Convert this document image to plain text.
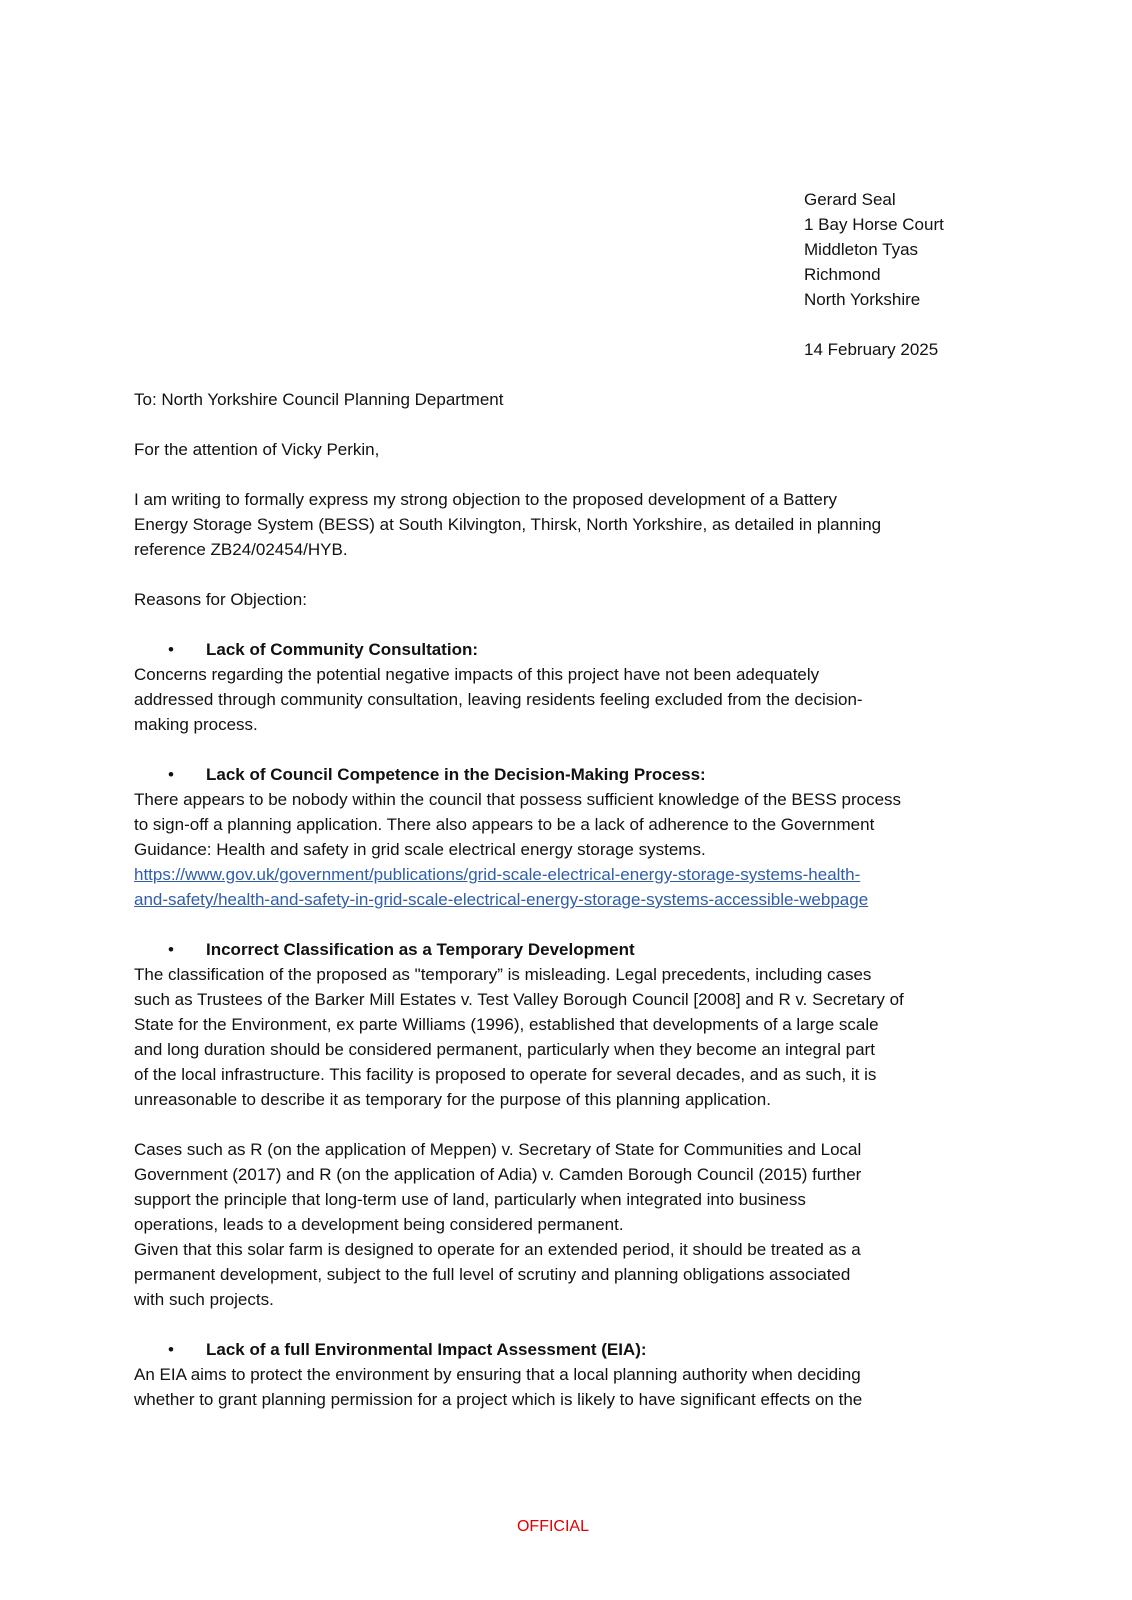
Gerard Seal
1 Bay Horse Court
Middleton Tyas
Richmond
North Yorkshire
14 February 2025
To: North Yorkshire Council Planning Department
For the attention of Vicky Perkin,
I am writing to formally express my strong objection to the proposed development of a Battery
Energy Storage System (BESS) at South Kilvington, Thirsk, North Yorkshire, as detailed in planning
reference ZB24/02454/HYB.
Reasons for Objection:
• Lack of Community Consultation:
Concerns regarding the potential negative impacts of this project have not been adequately
addressed through community consultation, leaving residents feeling excluded from the decision-
making process.
• Lack of Council Competence in the Decision-Making Process:
There appears to be nobody within the council that possess sufficient knowledge of the BESS process
to sign-off a planning application. There also appears to be a lack of adherence to the Government
Guidance: Health and safety in grid scale electrical energy storage systems.
https://www.gov.uk/government/publications/grid-scale-electrical-energy-storage-systems-health-
and-safety/health-and-safety-in-grid-scale-electrical-energy-storage-systems-accessible-webpage
• Incorrect Classification as a Temporary Development
The classification of the proposed as "temporary” is misleading. Legal precedents, including cases
such as Trustees of the Barker Mill Estates v. Test Valley Borough Council [2008] and R v. Secretary of
State for the Environment, ex parte Williams (1996), established that developments of a large scale
and long duration should be considered permanent, particularly when they become an integral part
of the local infrastructure. This facility is proposed to operate for several decades, and as such, it is
unreasonable to describe it as temporary for the purpose of this planning application.
Cases such as R (on the application of Meppen) v. Secretary of State for Communities and Local
Government (2017) and R (on the application of Adia) v. Camden Borough Council (2015) further
support the principle that long-term use of land, particularly when integrated into business
operations, leads to a development being considered permanent.
Given that this solar farm is designed to operate for an extended period, it should be treated as a
permanent development, subject to the full level of scrutiny and planning obligations associated
with such projects.
• Lack of a full Environmental Impact Assessment (EIA):
An EIA aims to protect the environment by ensuring that a local planning authority when deciding
whether to grant planning permission for a project which is likely to have significant effects on the
OFFICIAL
